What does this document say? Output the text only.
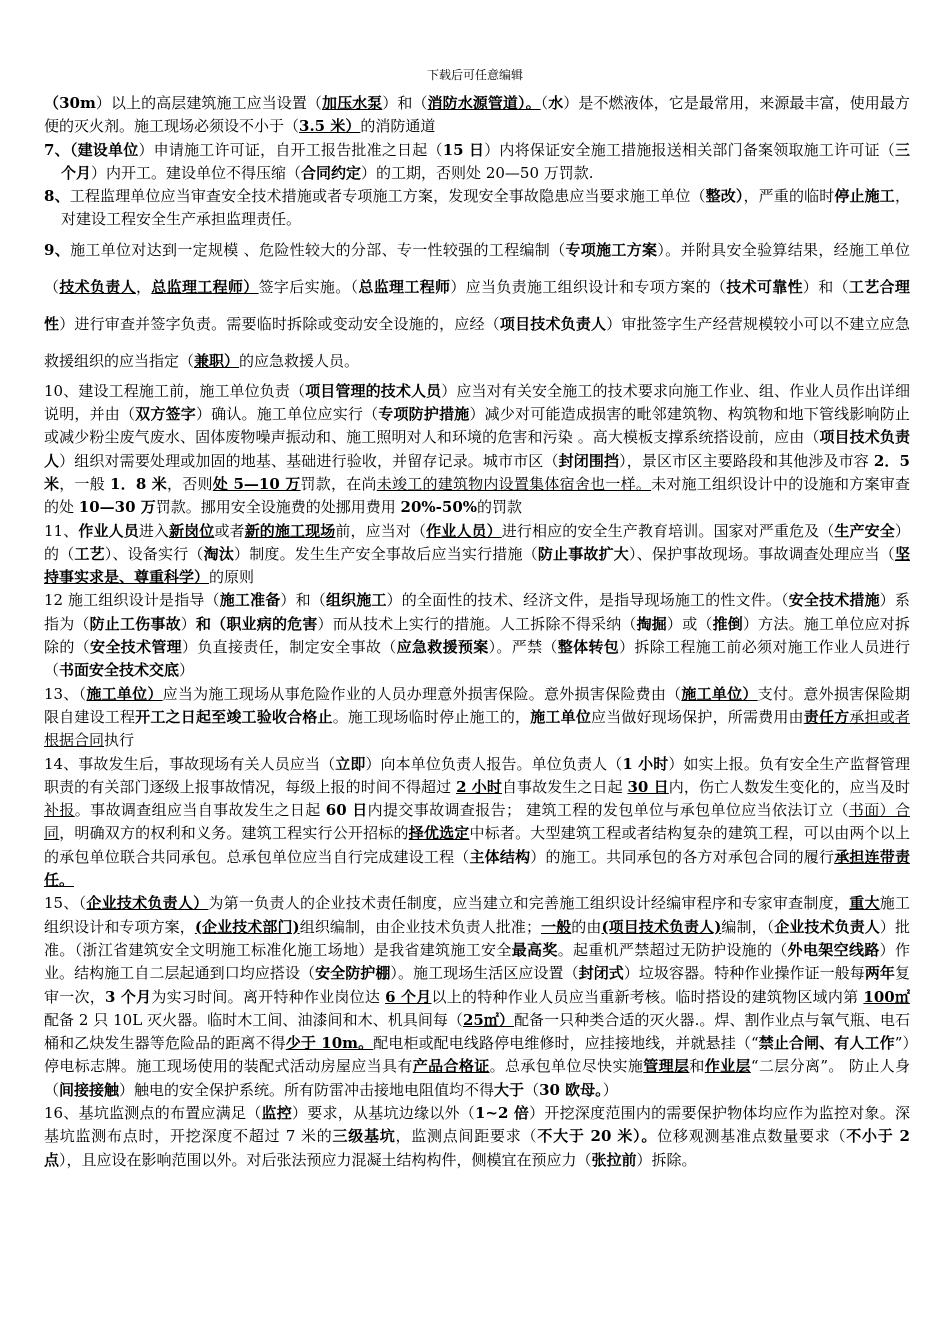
下载后可任意编辑

（30m）以上的高层建筑施工应当设置（加压水泵）和（消防水源管道）。（水）是不燃液体，它是最常用，来源最丰富，使用最方便的灭火剂。施工现场必须设不小于（3.5 米）的消防通道

7、（建设单位）申请施工许可证，自开工报告批准之日起（15 日）内将保证安全施工措施报送相关部门备案领取施工许可证（三个月）内开工。建设单位不得压缩（合同约定）的工期，否则处 20—50 万罚款.

8、工程监理单位应当审查安全技术措施或者专项施工方案，发现安全事故隐患应当要求施工单位（整改），严重的临时停止施工，对建设工程安全生产承担监理责任。

9、施工单位对达到一定规模 、危险性较大的分部、专一性较强的工程编制（专项施工方案）。并附具安全验算结果，经施工单位（技术负责人，总监理工程师）签字后实施。（总监理工程师）应当负责施工组织设计和专项方案的（技术可靠性）和（工艺合理性）进行审查并签字负责。需要临时拆除或变动安全设施的，应经（项目技术负责人）审批签字生产经营规模较小可以不建立应急救援组织的应当指定（兼职）的应急救援人员。

10、建设工程施工前，施工单位负责（项目管理的技术人员）应当对有关安全施工的技术要求向施工作业、组、作业人员作出详细说明，并由（双方签字）确认。施工单位应实行（专项防护措施）减少对可能造成损害的毗邻建筑物、构筑物和地下管线影响防止或减少粉尘废气废水、固体废物噪声振动和、施工照明对人和环境的危害和污染 。高大模板支撑系统搭设前，应由（项目技术负责人）组织对需要处理或加固的地基、基础进行验收，并留存记录。城市市区（封闭围挡），景区市区主要路段和其他涉及市容 2．5 米，一般 1．8 米，否则处 5—10 万罚款，在尚未竣工的建筑物内设置集体宿舍也一样。未对施工组织设计中的设施和方案审查的处 10—30 万罚款。挪用安全设施费的处挪用费用 20%-50%的罚款

11、作业人员进入新岗位或者新的施工现场前，应当对（作业人员）进行相应的安全生产教育培训。国家对严重危及（生产安全）的（工艺）、设备实行（淘汰）制度。发生生产安全事故后应当实行措施（防止事故扩大）、保护事故现场。事故调查处理应当（坚持事实求是、尊重科学）的原则

12 施工组织设计是指导（施工准备）和（组织施工）的全面性的技术、经济文件，是指导现场施工的性文件。（安全技术措施）系指为（防止工伤事故）和（职业病的危害）而从技术上实行的措施。人工拆除不得采纳（掏掘）或（推倒）方法。施工单位应对拆除的（安全技术管理）负直接责任，制定安全事故（应急救援预案）。严禁（整体转包）拆除工程施工前必须对施工作业人员进行（书面安全技术交底）

13、（施工单位）应当为施工现场从事危险作业的人员办理意外损害保险。意外损害保险费由（施工单位）支付。意外损害保险期限自建设工程开工之日起至竣工验收合格止。施工现场临时停止施工的，施工单位应当做好现场保护，所需费用由责任方承担或者根据合同执行

14、事故发生后，事故现场有关人员应当（立即）向本单位负责人报告。单位负责人（1 小时）如实上报。负有安全生产监督管理职责的有关部门逐级上报事故情况，每级上报的时间不得超过 2 小时自事故发生之日起 30 日内，伤亡人数发生变化的，应当及时补报。事故调查组应当自事故发生之日起 60 日内提交事故调查报告； 建筑工程的发包单位与承包单位应当依法订立（书面）合同，明确双方的权利和义务。建筑工程实行公开招标的择优选定中标者。大型建筑工程或者结构复杂的建筑工程，可以由两个以上的承包单位联合共同承包。总承包单位应当自行完成建设工程（主体结构）的施工。共同承包的各方对承包合同的履行承担连带责任。

15、（企业技术负责人）为第一负责人的企业技术责任制度，应当建立和完善施工组织设计经编审程序和专家审查制度，重大施工组织设计和专项方案，(企业技术部门)组织编制，由企业技术负责人批准；一般的由(项目技术负责人)编制，（企业技术负责人）批准。（浙江省建筑安全文明施工标准化施工场地）是我省建筑施工安全最高奖。起重机严禁超过无防护设施的（外电架空线路）作业。结构施工自二层起通到口均应搭设（安全防护棚）。施工现场生活区应设置（封闭式）垃圾容器。特种作业操作证一般每两年复审一次，3 个月为实习时间。离开特种作业岗位达 6 个月以上的特种作业人员应当重新考核。临时搭设的建筑物区域内第 100㎡配备 2 只 10L 灭火器。临时木工间、油漆间和木、机具间每（25㎡）配备一只种类合适的灭火器.。焊、割作业点与氧气瓶、电石桶和乙炔发生器等危险品的距离不得少于 10m。配电柜或配电线路停电维修时，应挂接地线，并就悬挂（“禁止合闸、有人工作”）停电标志牌。施工现场使用的装配式活动房屋应当具有产品合格证。总承包单位尽快实施管理层和作业层“二层分离”。 防止人身（间接接触）触电的安全保护系统。所有防雷冲击接地电阻值均不得大于（30 欧母。）

16、基坑监测点的布置应满足（监控）要求，从基坑边缘以外（1~2 倍）开挖深度范围内的需要保护物体均应作为监控对象。深基坑监测布点时，开挖深度不超过 7 米的三级基坑，监测点间距要求（不大于 20 米）。位移观测基准点数量要求（不小于 2 点），且应设在影响范围以外。对后张法预应力混凝土结构构件，侧模宜在预应力（张拉前）拆除。
